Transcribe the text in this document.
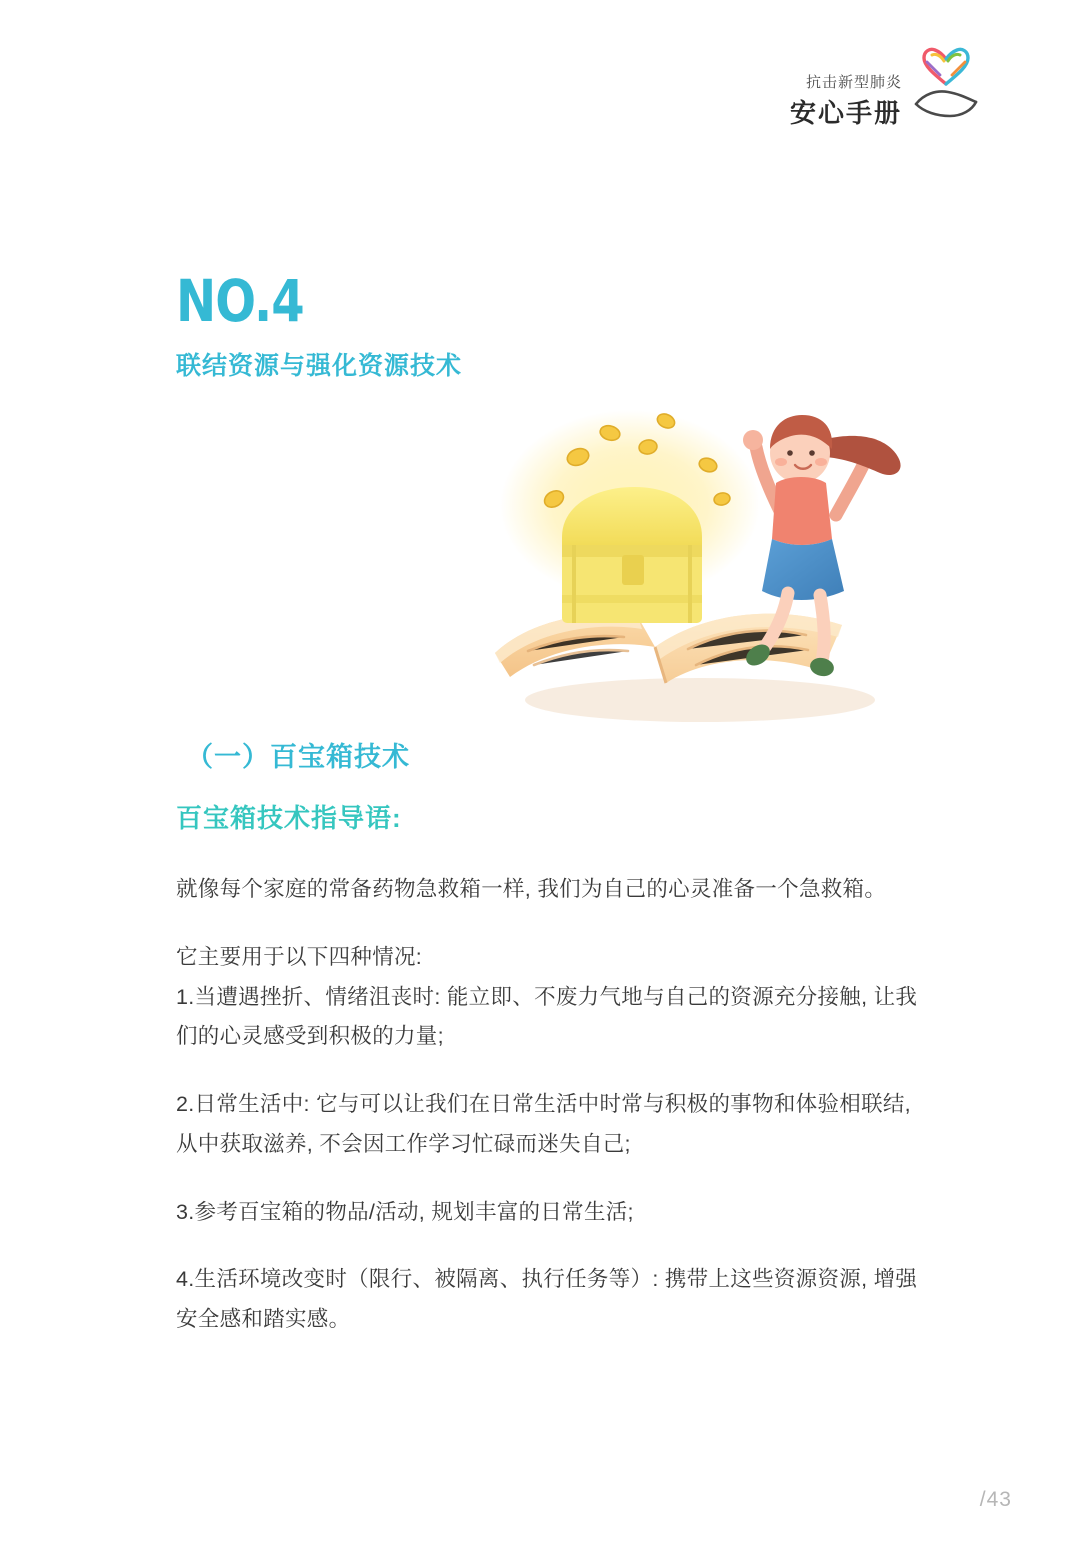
抗击新型肺炎
安心手册
NO.4
联结资源与强化资源技术
（一）百宝箱技术
百宝箱技术指导语:

就像每个家庭的常备药物急救箱一样, 我们为自己的心灵准备一个急救箱。

它主要用于以下四种情况:

1.当遭遇挫折、情绪沮丧时: 能立即、不废力气地与自己的资源充分接触, 让我们的心灵感受到积极的力量;

2.日常生活中: 它与可以让我们在日常生活中时常与积极的事物和体验相联结, 从中获取滋养, 不会因工作学习忙碌而迷失自己;

3.参考百宝箱的物品/活动, 规划丰富的日常生活;

4.生活环境改变时（限行、被隔离、执行任务等）: 携带上这些资源资源, 增强安全感和踏实感。

/43
